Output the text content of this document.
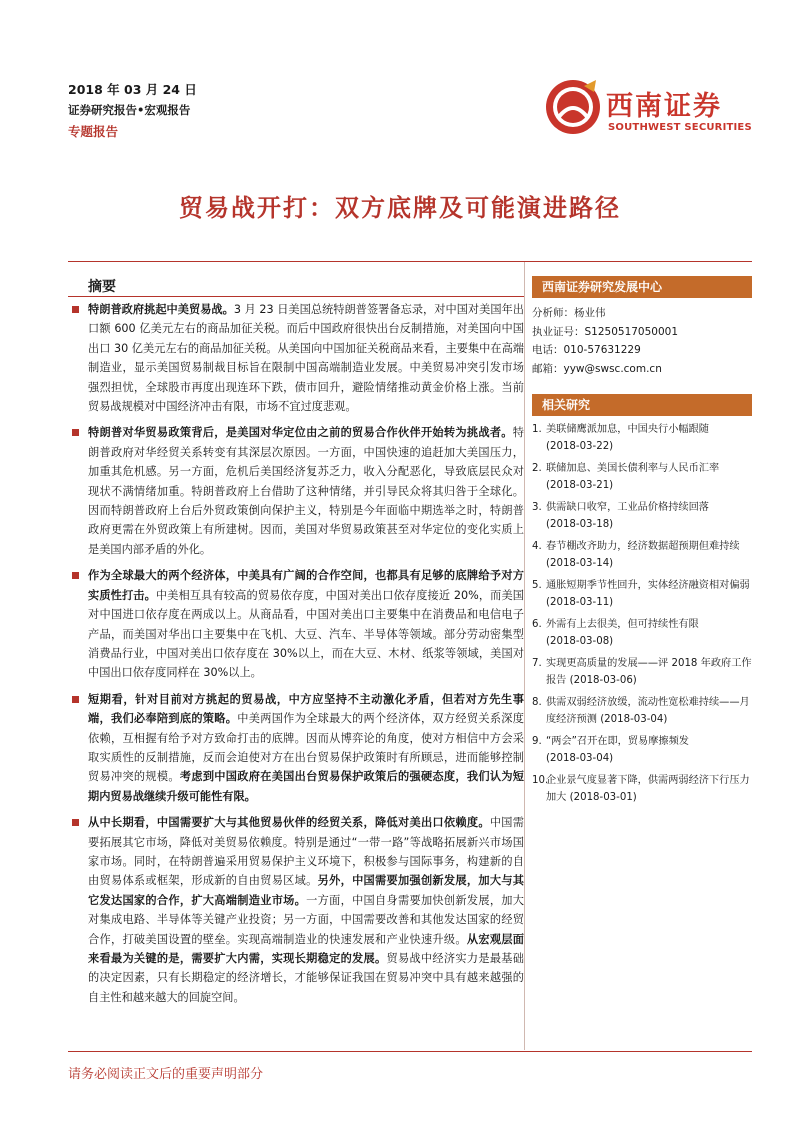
2018 年 03 月 24 日
证券研究报告•宏观报告
专题报告
西南证券
SOUTHWEST SECURITIES
贸易战开打：双方底牌及可能演进路径
摘要
特朗普政府挑起中美贸易战。3 月 23 日美国总统特朗普签署备忘录，对中国对美国年出口额 600 亿美元左右的商品加征关税。而后中国政府很快出台反制措施，对美国向中国出口 30 亿美元左右的商品加征关税。从美国向中国加征关税商品来看，主要集中在高端制造业，显示美国贸易制裁目标旨在限制中国高端制造业发展。中美贸易冲突引发市场强烈担忧，全球股市再度出现连环下跌，债市回升，避险情绪推动黄金价格上涨。当前贸易战规模对中国经济冲击有限，市场不宜过度悲观。
特朗普对华贸易政策背后，是美国对华定位由之前的贸易合作伙伴开始转为挑战者。特朗普政府对华经贸关系转变有其深层次原因。一方面，中国快速的追赶加大美国压力，加重其危机感。另一方面，危机后美国经济复苏乏力，收入分配恶化，导致底层民众对现状不满情绪加重。特朗普政府上台借助了这种情绪，并引导民众将其归咎于全球化。因而特朗普政府上台后外贸政策倒向保护主义，特别是今年面临中期选举之时，特朗普政府更需在外贸政策上有所建树。因而，美国对华贸易政策甚至对华定位的变化实质上是美国内部矛盾的外化。
作为全球最大的两个经济体，中美具有广阔的合作空间，也都具有足够的底牌给予对方实质性打击。中美相互具有较高的贸易依存度，中国对美出口依存度接近 20%，而美国对中国进口依存度在两成以上。从商品看，中国对美出口主要集中在消费品和电信电子产品，而美国对华出口主要集中在飞机、大豆、汽车、半导体等领域。部分劳动密集型消费品行业，中国对美出口依存度在 30%以上，而在大豆、木材、纸浆等领域，美国对中国出口依存度同样在 30%以上。
短期看，针对目前对方挑起的贸易战，中方应坚持不主动激化矛盾，但若对方先生事端，我们必奉陪到底的策略。中美两国作为全球最大的两个经济体，双方经贸关系深度依赖，互相握有给予对方致命打击的底牌。因而从博弈论的角度，使对方相信中方会采取实质性的反制措施，反而会迫使对方在出台贸易保护政策时有所顾忌，进而能够控制贸易冲突的规模。考虑到中国政府在美国出台贸易保护政策后的强硬态度，我们认为短期内贸易战继续升级可能性有限。
从中长期看，中国需要扩大与其他贸易伙伴的经贸关系，降低对美出口依赖度。中国需要拓展其它市场，降低对美贸易依赖度。特别是通过“一带一路”等战略拓展新兴市场国家市场。同时，在特朗普遍采用贸易保护主义环境下，积极参与国际事务，构建新的自由贸易体系或框架，形成新的自由贸易区域。另外，中国需要加强创新发展，加大与其它发达国家的合作，扩大高端制造业市场。一方面，中国自身需要加快创新发展，加大对集成电路、半导体等关键产业投资；另一方面，中国需要改善和其他发达国家的经贸合作，打破美国设置的壁垒。实现高端制造业的快速发展和产业快速升级。从宏观层面来看最为关键的是，需要扩大内需，实现长期稳定的发展。贸易战中经济实力是最基础的决定因素，只有长期稳定的经济增长，才能够保证我国在贸易冲突中具有越来越强的自主性和越来越大的回旋空间。
西南证券研究发展中心
分析师：杨业伟
执业证号：S1250517050001
电话：010-57631229
邮箱：yyw@swsc.com.cn
相关研究
1. 美联储鹰派加息，中国央行小幅跟随
(2018-03-22)
2. 联储加息、美国长债利率与人民币汇率
(2018-03-21)
3. 供需缺口收窄，工业品价格持续回落
(2018-03-18)
4. 春节棚改齐助力，经济数据超预期但难持续 (2018-03-14)
5. 通胀短期季节性回升，实体经济融资相对偏弱 (2018-03-11)
6. 外需有上去很美，但可持续性有限
(2018-03-08)
7. 实现更高质量的发展——评 2018 年政府工作报告 (2018-03-06)
8. 供需双弱经济放缓，流动性宽松难持续——月度经济预测 (2018-03-04)
9. “两会”召开在即，贸易摩擦频发
(2018-03-04)
10.
企业景气度显著下降，供需两弱经济下行压力加大 (2018-03-01)
请务必阅读正文后的重要声明部分
